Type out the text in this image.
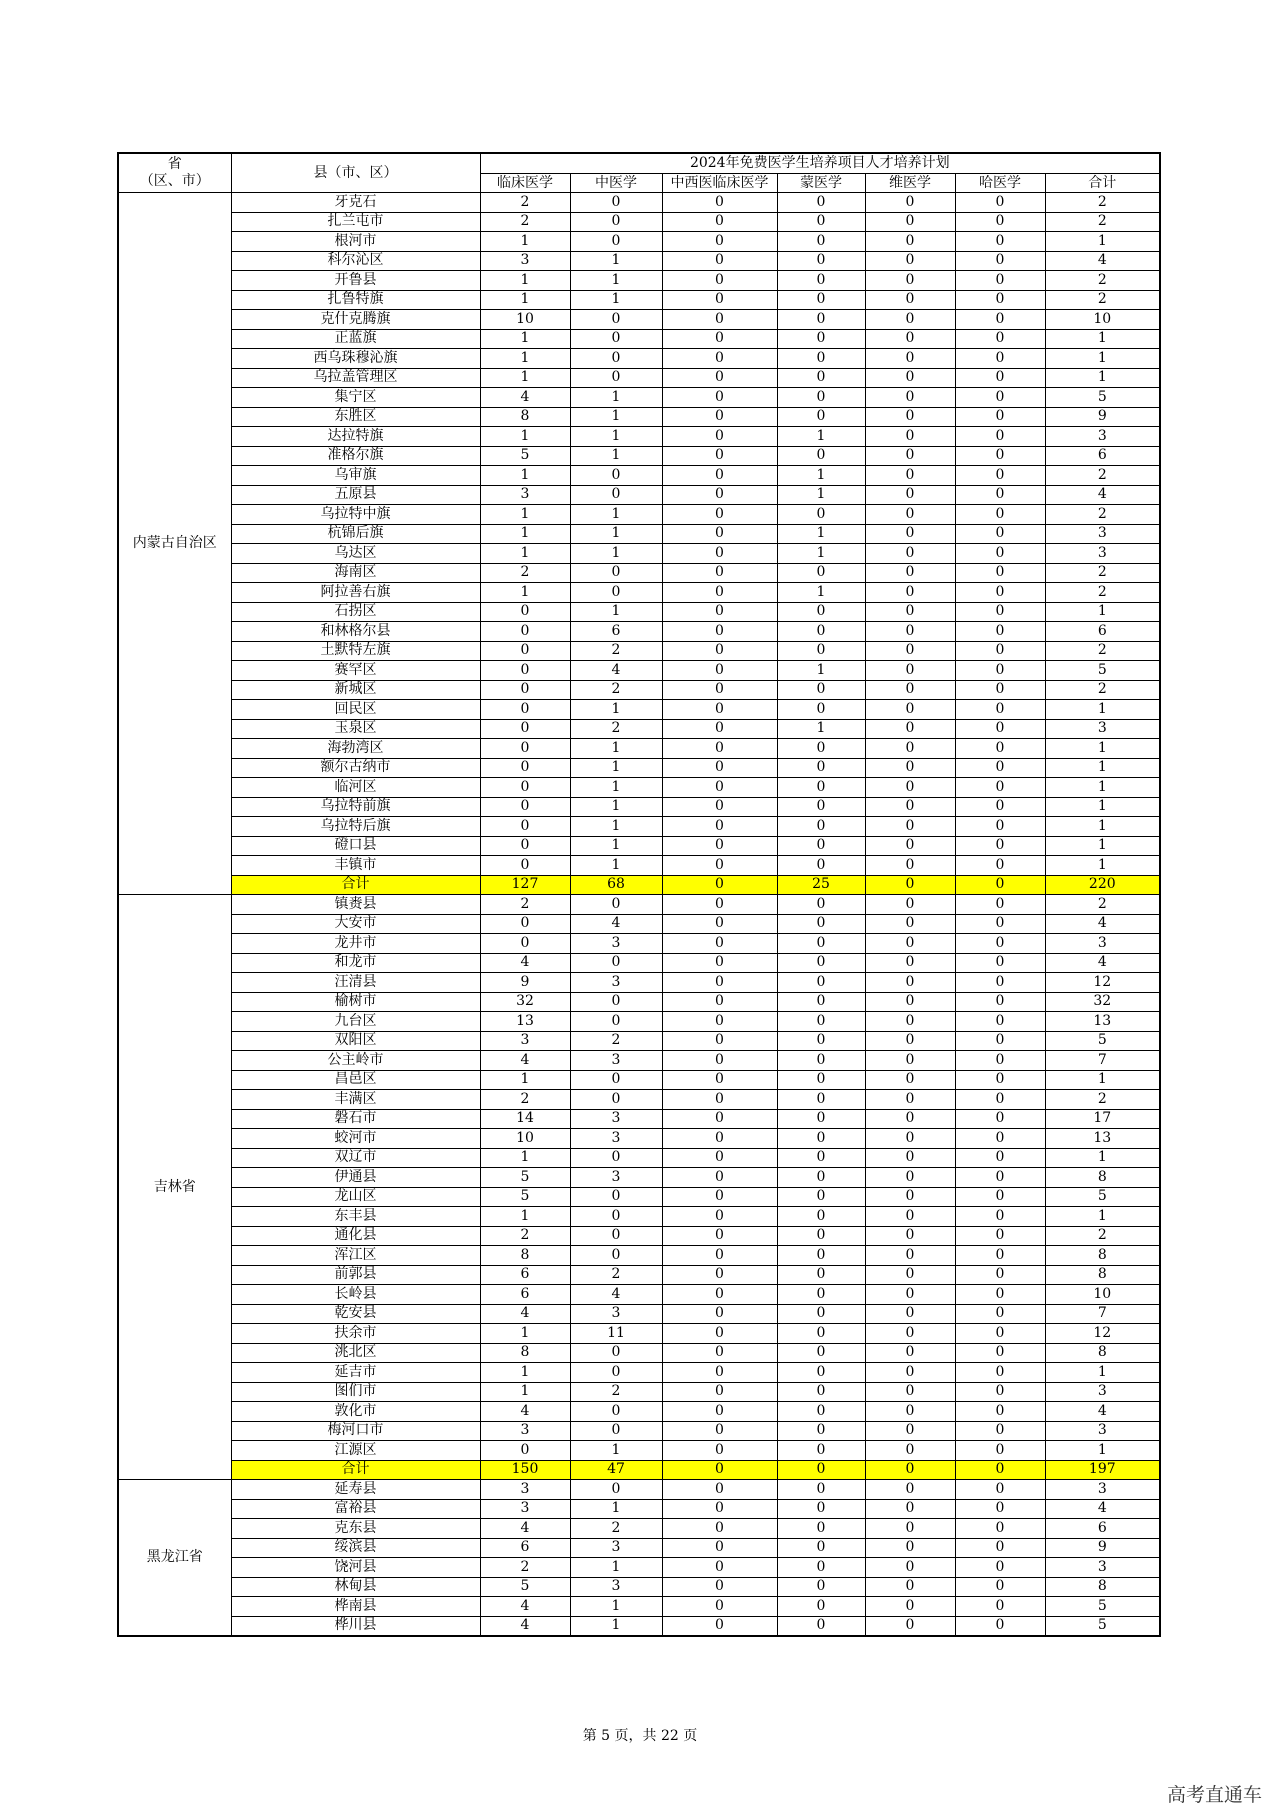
省
（区、市）	县（市、区）	2024年免费医学生培养项目人才培养计划						
		临床医学	中医学	中西医临床医学	蒙医学	维医学	哈医学	合计
内蒙古自治区	牙克石	2	0	0	0	0	0	2
	扎兰屯市	2	0	0	0	0	0	2
	根河市	1	0	0	0	0	0	1
	科尔沁区	3	1	0	0	0	0	4
	开鲁县	1	1	0	0	0	0	2
	扎鲁特旗	1	1	0	0	0	0	2
	克什克腾旗	10	0	0	0	0	0	10
	正蓝旗	1	0	0	0	0	0	1
	西乌珠穆沁旗	1	0	0	0	0	0	1
	乌拉盖管理区	1	0	0	0	0	0	1
	集宁区	4	1	0	0	0	0	5
	东胜区	8	1	0	0	0	0	9
	达拉特旗	1	1	0	1	0	0	3
	准格尔旗	5	1	0	0	0	0	6
	乌审旗	1	0	0	1	0	0	2
	五原县	3	0	0	1	0	0	4
	乌拉特中旗	1	1	0	0	0	0	2
	杭锦后旗	1	1	0	1	0	0	3
	乌达区	1	1	0	1	0	0	3
	海南区	2	0	0	0	0	0	2
	阿拉善右旗	1	0	0	1	0	0	2
	石拐区	0	1	0	0	0	0	1
	和林格尔县	0	6	0	0	0	0	6
	土默特左旗	0	2	0	0	0	0	2
	赛罕区	0	4	0	1	0	0	5
	新城区	0	2	0	0	0	0	2
	回民区	0	1	0	0	0	0	1
	玉泉区	0	2	0	1	0	0	3
	海勃湾区	0	1	0	0	0	0	1
	额尔古纳市	0	1	0	0	0	0	1
	临河区	0	1	0	0	0	0	1
	乌拉特前旗	0	1	0	0	0	0	1
	乌拉特后旗	0	1	0	0	0	0	1
	磴口县	0	1	0	0	0	0	1
	丰镇市	0	1	0	0	0	0	1
	合计	127	68	0	25	0	0	220
吉林省	镇赉县	2	0	0	0	0	0	2
	大安市	0	4	0	0	0	0	4
	龙井市	0	3	0	0	0	0	3
	和龙市	4	0	0	0	0	0	4
	汪清县	9	3	0	0	0	0	12
	榆树市	32	0	0	0	0	0	32
	九台区	13	0	0	0	0	0	13
	双阳区	3	2	0	0	0	0	5
	公主岭市	4	3	0	0	0	0	7
	昌邑区	1	0	0	0	0	0	1
	丰满区	2	0	0	0	0	0	2
	磐石市	14	3	0	0	0	0	17
	蛟河市	10	3	0	0	0	0	13
	双辽市	1	0	0	0	0	0	1
	伊通县	5	3	0	0	0	0	8
	龙山区	5	0	0	0	0	0	5
	东丰县	1	0	0	0	0	0	1
	通化县	2	0	0	0	0	0	2
	浑江区	8	0	0	0	0	0	8
	前郭县	6	2	0	0	0	0	8
	长岭县	6	4	0	0	0	0	10
	乾安县	4	3	0	0	0	0	7
	扶余市	1	11	0	0	0	0	12
	洮北区	8	0	0	0	0	0	8
	延吉市	1	0	0	0	0	0	1
	图们市	1	2	0	0	0	0	3
	敦化市	4	0	0	0	0	0	4
	梅河口市	3	0	0	0	0	0	3
	江源区	0	1	0	0	0	0	1
	合计	150	47	0	0	0	0	197
黑龙江省	延寿县	3	0	0	0	0	0	3
	富裕县	3	1	0	0	0	0	4
	克东县	4	2	0	0	0	0	6
	绥滨县	6	3	0	0	0	0	9
	饶河县	2	1	0	0	0	0	3
	林甸县	5	3	0	0	0	0	8
	桦南县	4	1	0	0	0	0	5
	桦川县	4	1	0	0	0	0	5
第 5 页，共 22 页
高考直通车
